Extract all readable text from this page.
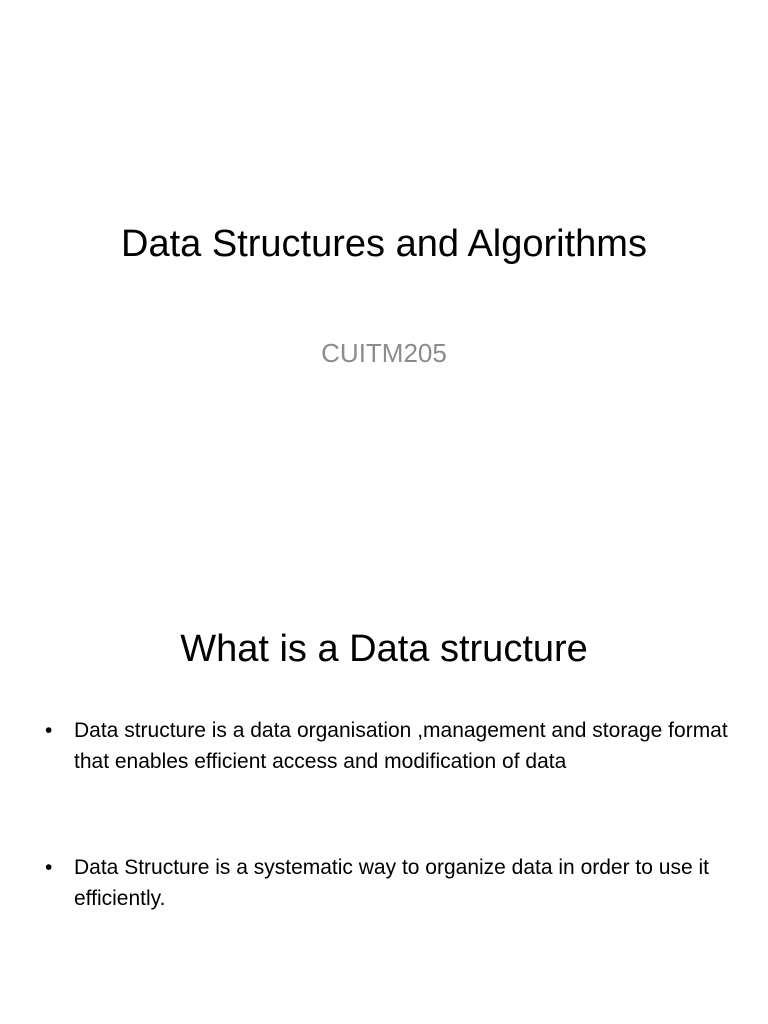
Data Structures and Algorithms
CUITM205
What is a Data structure
• Data structure is a data organisation ,management and storage format that enables efficient access and modification of data
• Data Structure is a systematic way to organize data in order to use it efficiently.
